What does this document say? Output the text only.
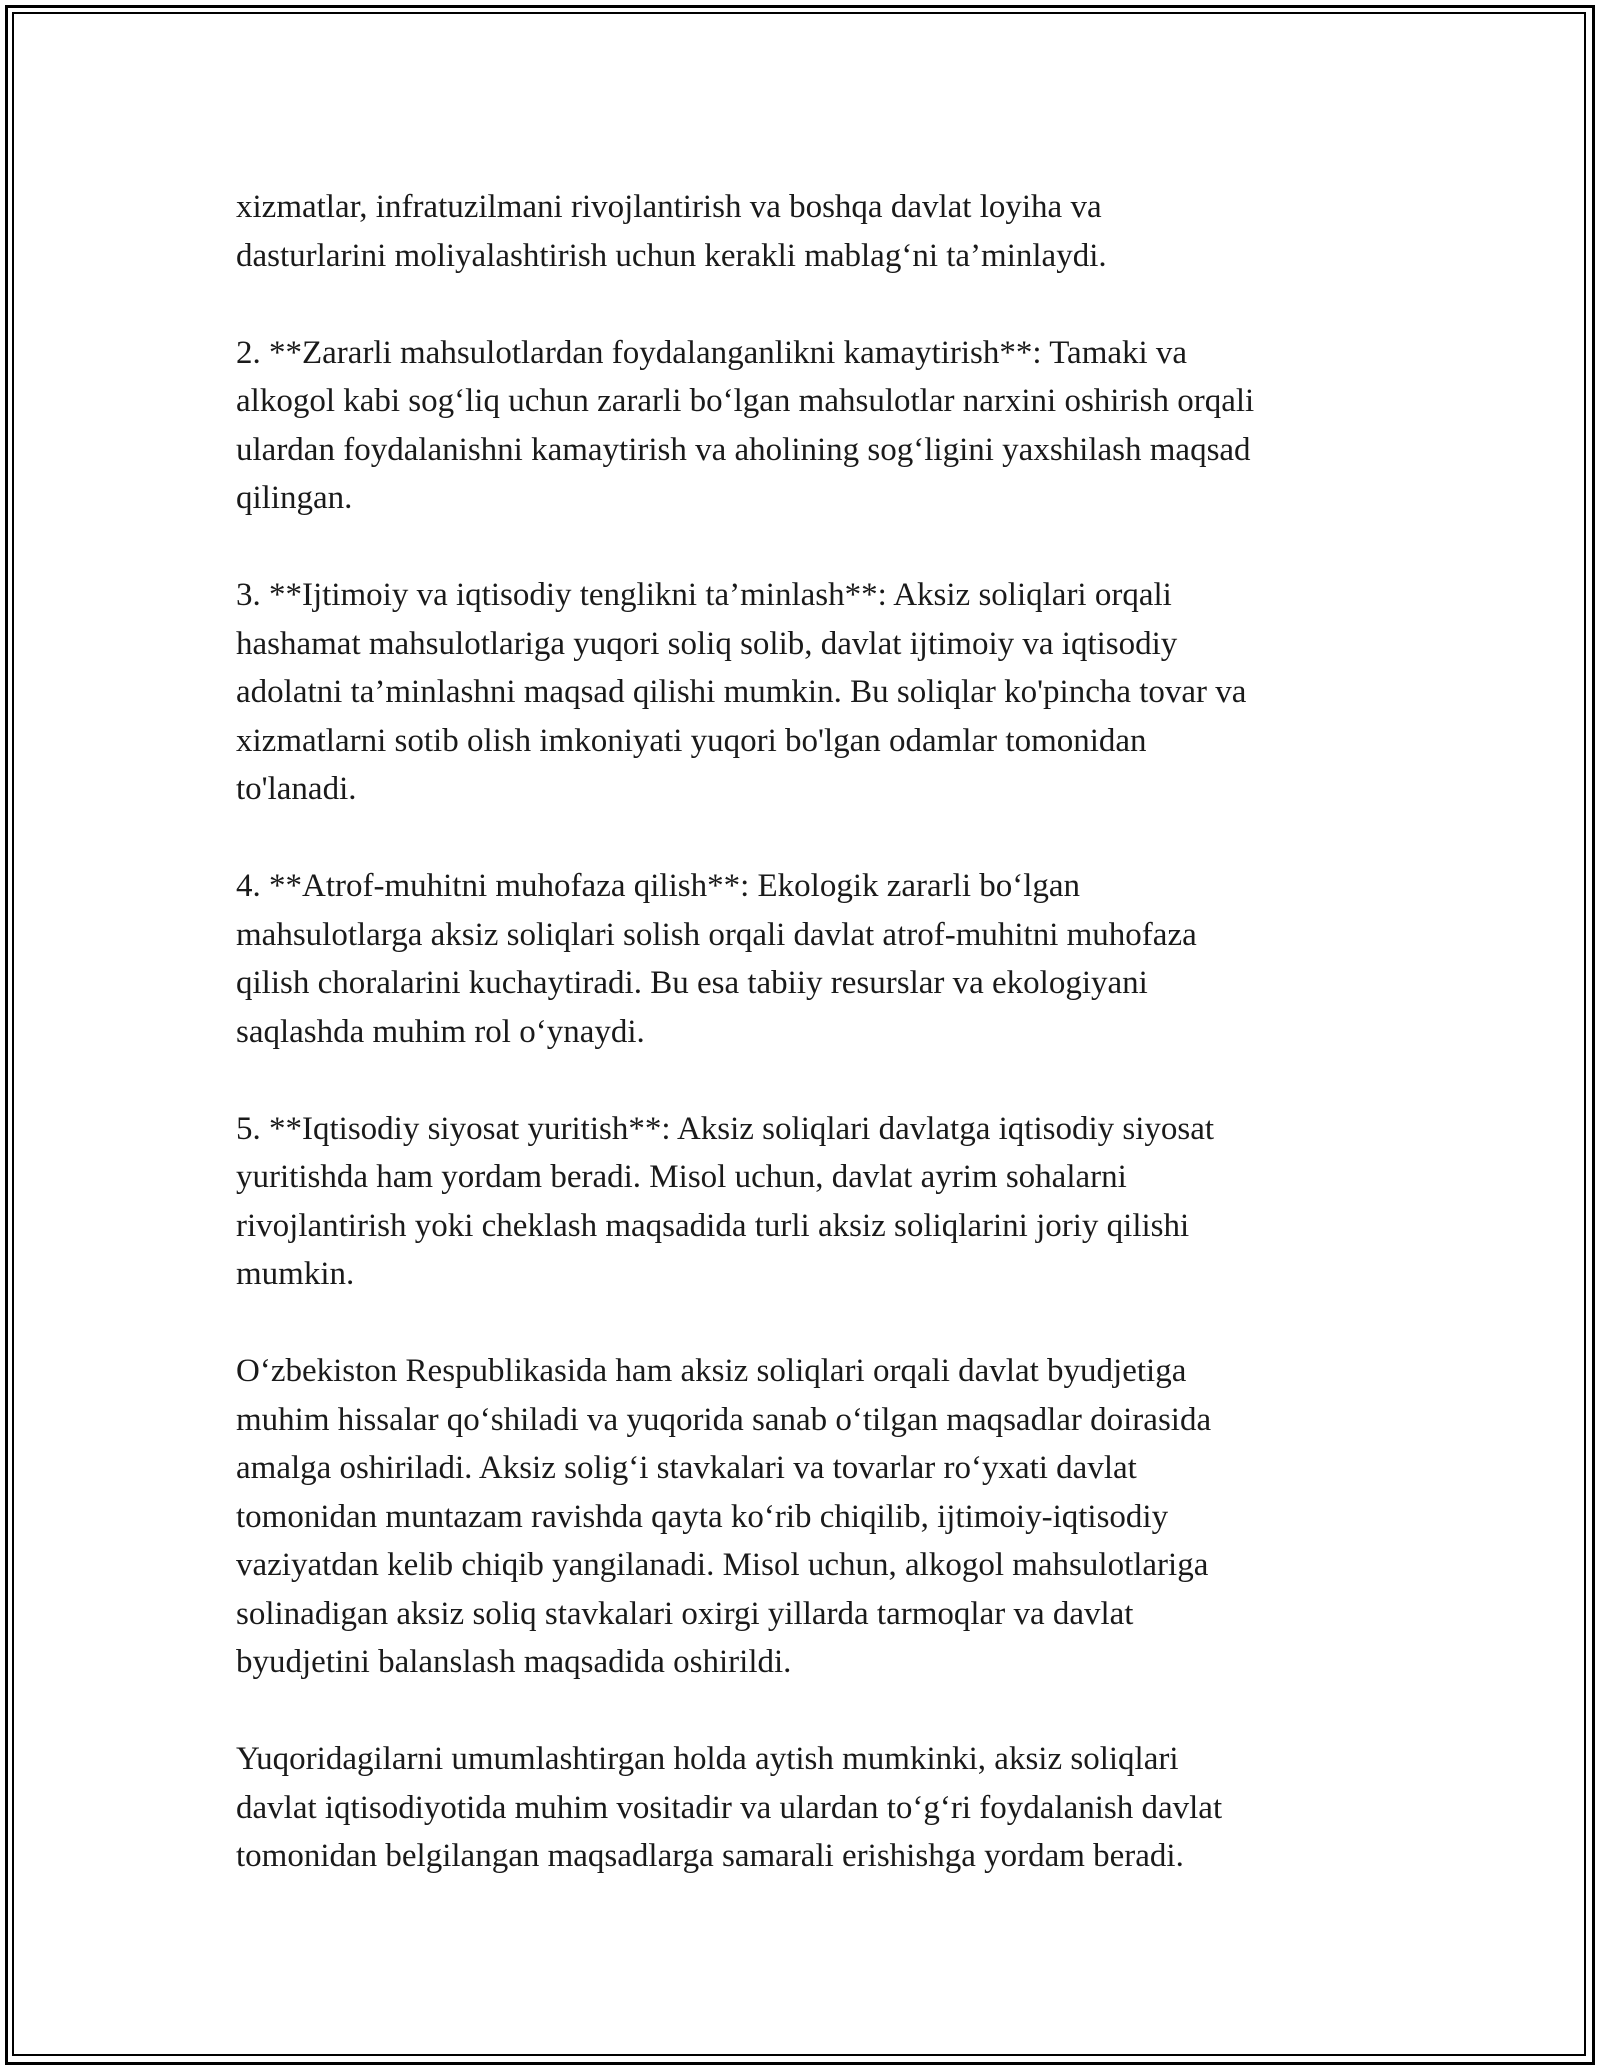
xizmatlar, infratuzilmani rivojlantirish va boshqa davlat loyiha va
dasturlarini moliyalashtirish uchun kerakli mablag‘ni ta’minlaydi.

2. **Zararli mahsulotlardan foydalanganlikni kamaytirish**: Tamaki va
alkogol kabi sog‘liq uchun zararli bo‘lgan mahsulotlar narxini oshirish orqali
ulardan foydalanishni kamaytirish va aholining sog‘ligini yaxshilash maqsad
qilingan.

3. **Ijtimoiy va iqtisodiy tenglikni ta’minlash**: Aksiz soliqlari orqali
hashamat mahsulotlariga yuqori soliq solib, davlat ijtimoiy va iqtisodiy
adolatni ta’minlashni maqsad qilishi mumkin. Bu soliqlar ko'pincha tovar va
xizmatlarni sotib olish imkoniyati yuqori bo'lgan odamlar tomonidan
to'lanadi.

4. **Atrof-muhitni muhofaza qilish**: Ekologik zararli bo‘lgan
mahsulotlarga aksiz soliqlari solish orqali davlat atrof-muhitni muhofaza
qilish choralarini kuchaytiradi. Bu esa tabiiy resurslar va ekologiyani
saqlashda muhim rol o‘ynaydi.

5. **Iqtisodiy siyosat yuritish**: Aksiz soliqlari davlatga iqtisodiy siyosat
yuritishda ham yordam beradi. Misol uchun, davlat ayrim sohalarni
rivojlantirish yoki cheklash maqsadida turli aksiz soliqlarini joriy qilishi
mumkin.

O‘zbekiston Respublikasida ham aksiz soliqlari orqali davlat byudjetiga
muhim hissalar qo‘shiladi va yuqorida sanab o‘tilgan maqsadlar doirasida
amalga oshiriladi. Aksiz solig‘i stavkalari va tovarlar ro‘yxati davlat
tomonidan muntazam ravishda qayta ko‘rib chiqilib, ijtimoiy-iqtisodiy
vaziyatdan kelib chiqib yangilanadi. Misol uchun, alkogol mahsulotlariga
solinadigan aksiz soliq stavkalari oxirgi yillarda tarmoqlar va davlat
byudjetini balanslash maqsadida oshirildi.

Yuqoridagilarni umumlashtirgan holda aytish mumkinki, aksiz soliqlari
davlat iqtisodiyotida muhim vositadir va ulardan to‘g‘ri foydalanish davlat
tomonidan belgilangan maqsadlarga samarali erishishga yordam beradi.
